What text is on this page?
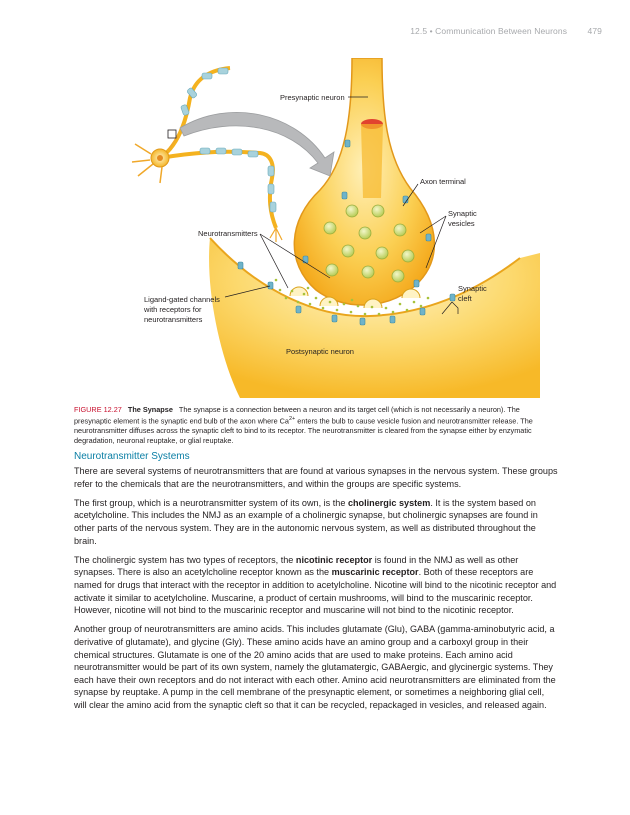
12.5 • Communication Between Neurons 479
Presynaptic neuron
Axon terminal
Synaptic
vesicles
Neurotransmitters
Synaptic
cleft
Ligand-gated channels
with receptors for
neurotransmitters
Postsynaptic neuron
FIGURE 12.27 The Synapse The synapse is a connection between a neuron and its target cell (which is not necessarily a neuron). The presynaptic element is the synaptic end bulb of the axon where $Ca^{2+}$ enters the bulb to cause vesicle fusion and neurotransmitter release. The neurotransmitter diffuses across the synaptic cleft to bind to its receptor. The neurotransmitter is cleared from the synapse either by enzymatic degradation, neuronal reuptake, or glial reuptake.
Neurotransmitter Systems

There are several systems of neurotransmitters that are found at various synapses in the nervous system. These groups refer to the chemicals that are the neurotransmitters, and within the groups are specific systems.

The first group, which is a neurotransmitter system of its own, is the cholinergic system. It is the system based on acetylcholine. This includes the NMJ as an example of a cholinergic synapse, but cholinergic synapses are found in other parts of the nervous system. They are in the autonomic nervous system, as well as distributed throughout the brain.

The cholinergic system has two types of receptors, the nicotinic receptor is found in the NMJ as well as other synapses. There is also an acetylcholine receptor known as the muscarinic receptor. Both of these receptors are named for drugs that interact with the receptor in addition to acetylcholine. Nicotine will bind to the nicotinic receptor and activate it similar to acetylcholine. Muscarine, a product of certain mushrooms, will bind to the muscarinic receptor. However, nicotine will not bind to the muscarinic receptor and muscarine will not bind to the nicotinic receptor.

Another group of neurotransmitters are amino acids. This includes glutamate (Glu), GABA (gamma-aminobutyric acid, a derivative of glutamate), and glycine (Gly). These amino acids have an amino group and a carboxyl group in their chemical structures. Glutamate is one of the 20 amino acids that are used to make proteins. Each amino acid neurotransmitter would be part of its own system, namely the glutamatergic, GABAergic, and glycinergic systems. They each have their own receptors and do not interact with each other. Amino acid neurotransmitters are eliminated from the synapse by reuptake. A pump in the cell membrane of the presynaptic element, or sometimes a neighboring glial cell, will clear the amino acid from the synaptic cleft so that it can be recycled, repackaged in vesicles, and released again.
